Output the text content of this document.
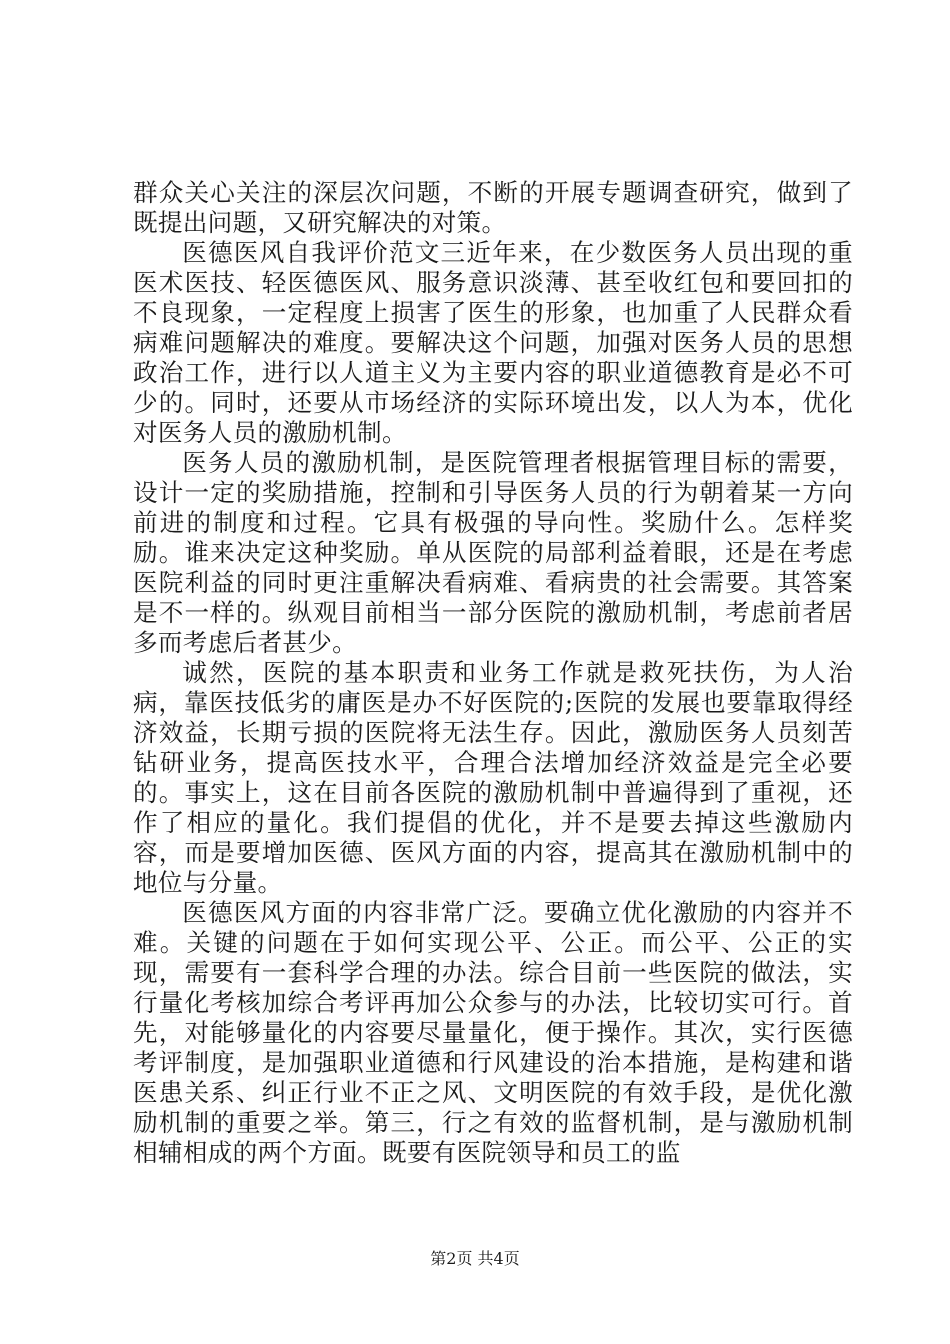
群众关心关注的深层次问题，不断的开展专题调查研究，做到了既提出问题，又研究解决的对策。

医德医风自我评价范文三近年来，在少数医务人员出现的重医术医技、轻医德医风、服务意识淡薄、甚至收红包和要回扣的不良现象，一定程度上损害了医生的形象，也加重了人民群众看病难问题解决的难度。要解决这个问题，加强对医务人员的思想政治工作，进行以人道主义为主要内容的职业道德教育是必不可少的。同时，还要从市场经济的实际环境出发，以人为本，优化对医务人员的激励机制。

医务人员的激励机制，是医院管理者根据管理目标的需要，设计一定的奖励措施，控制和引导医务人员的行为朝着某一方向前进的制度和过程。它具有极强的导向性。奖励什么。怎样奖励。谁来决定这种奖励。单从医院的局部利益着眼，还是在考虑医院利益的同时更注重解决看病难、看病贵的社会需要。其答案是不一样的。纵观目前相当一部分医院的激励机制，考虑前者居多而考虑后者甚少。

诚然，医院的基本职责和业务工作就是救死扶伤，为人治病，靠医技低劣的庸医是办不好医院的;医院的发展也要靠取得经济效益，长期亏损的医院将无法生存。因此，激励医务人员刻苦钻研业务，提高医技水平，合理合法增加经济效益是完全必要的。事实上，这在目前各医院的激励机制中普遍得到了重视，还作了相应的量化。我们提倡的优化，并不是要去掉这些激励内容，而是要增加医德、医风方面的内容，提高其在激励机制中的地位与分量。

医德医风方面的内容非常广泛。要确立优化激励的内容并不难。关键的问题在于如何实现公平、公正。而公平、公正的实现，需要有一套科学合理的办法。综合目前一些医院的做法，实行量化考核加综合考评再加公众参与的办法，比较切实可行。首先，对能够量化的内容要尽量量化，便于操作。其次，实行医德考评制度，是加强职业道德和行风建设的治本措施，是构建和谐医患关系、纠正行业不正之风、文明医院的有效手段，是优化激励机制的重要之举。第三，行之有效的监督机制，是与激励机制相辅相成的两个方面。既要有医院领导和员工的监

第2页 共4页
